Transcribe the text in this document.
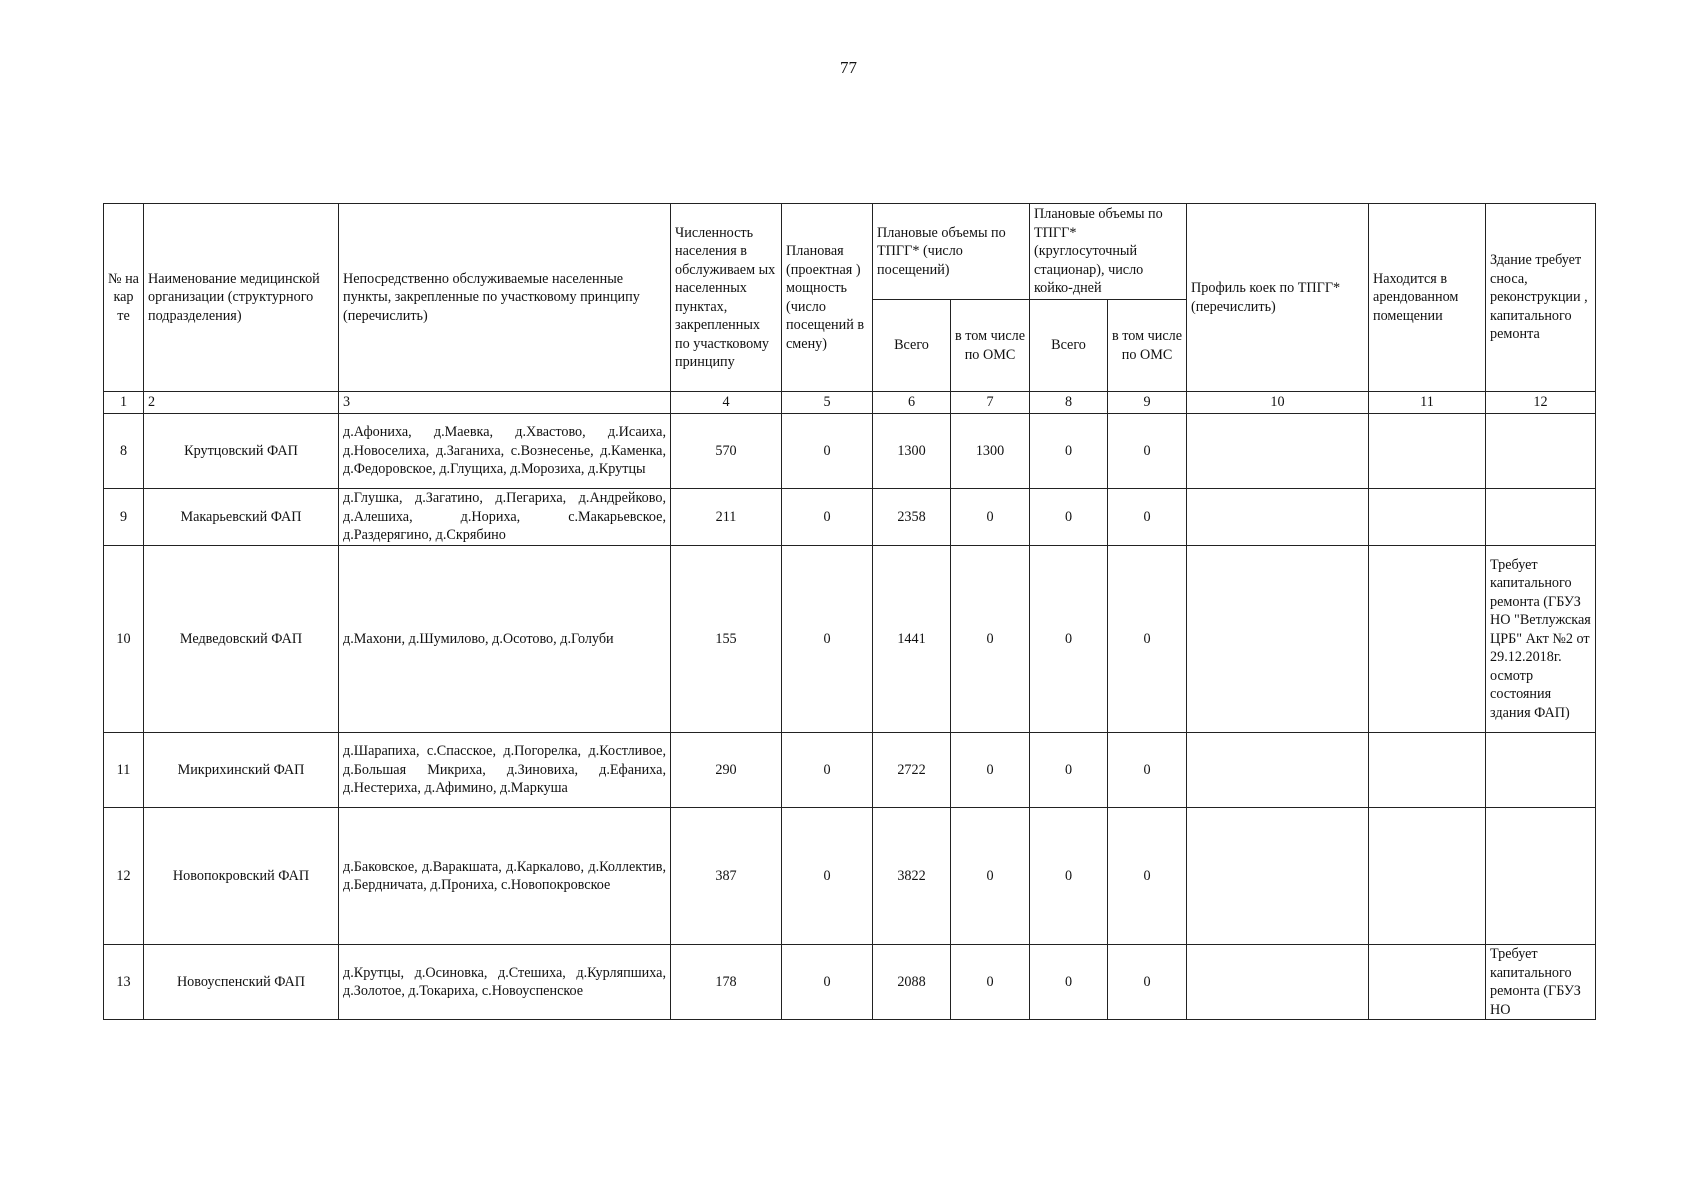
77
№ на кар те	Наименование медицинской организации (структурного подразделения)	Непосредственно обслуживаемые населенные пункты, закрепленные по участковому принципу (перечислить)	Численность населения в обслуживаем ых населенных пунктах, закрепленных по участковому принципу	Плановая (проектная ) мощность (число посещений в смену)	Плановые объемы по ТПГГ* (число посещений)		Плановые объемы по ТПГГ* (круглосуточный стационар), число койко-дней		Профиль коек по ТПГГ* (перечислить)	Находится в арендованном помещении	Здание требует сноса, реконструкции , капитального ремонта
					Всего	в том числе по ОМС	Всего	в том числе по ОМС			
1	2	3	4	5	6	7	8	9	10	11	12
8	Крутцовский ФАП	д.Афониха, д.Маевка, д.Хвастово, д.Исаиха, д.Новоселиха, д.Заганиха, с.Вознесенье, д.Каменка, д.Федоровское, д.Глущиха, д.Морозиха, д.Крутцы	570	0	1300	1300	0	0			
9	Макарьевский ФАП	д.Глушка, д.Загатино, д.Пегариха, д.Андрейково, д.Алешиха, д.Нориха, с.Макарьевское, д.Раздерягино, д.Скрябино	211	0	2358	0	0	0			
10	Медведовский ФАП	д.Махони, д.Шумилово, д.Осотово, д.Голуби	155	0	1441	0	0	0			Требует капитального ремонта (ГБУЗ НО "Ветлужская ЦРБ" Акт №2 от 29.12.2018г. осмотр состояния здания ФАП)
11	Микрихинский ФАП	д.Шарапиха, с.Спасское, д.Погорелка, д.Костливое, д.Большая Микриха, д.Зиновиха, д.Ефаниха, д.Нестериха, д.Афимино, д.Маркуша	290	0	2722	0	0	0			
12	Новопокровский ФАП	д.Баковское, д.Варакшата, д.Каркалово, д.Коллектив, д.Бердничата, д.Прониха, с.Новопокровское	387	0	3822	0	0	0			
13	Новоуспенский ФАП	д.Крутцы, д.Осиновка, д.Стешиха, д.Курляпшиха, д.Золотое, д.Токариха, с.Новоуспенское	178	0	2088	0	0	0			Требует капитального ремонта (ГБУЗ НО
